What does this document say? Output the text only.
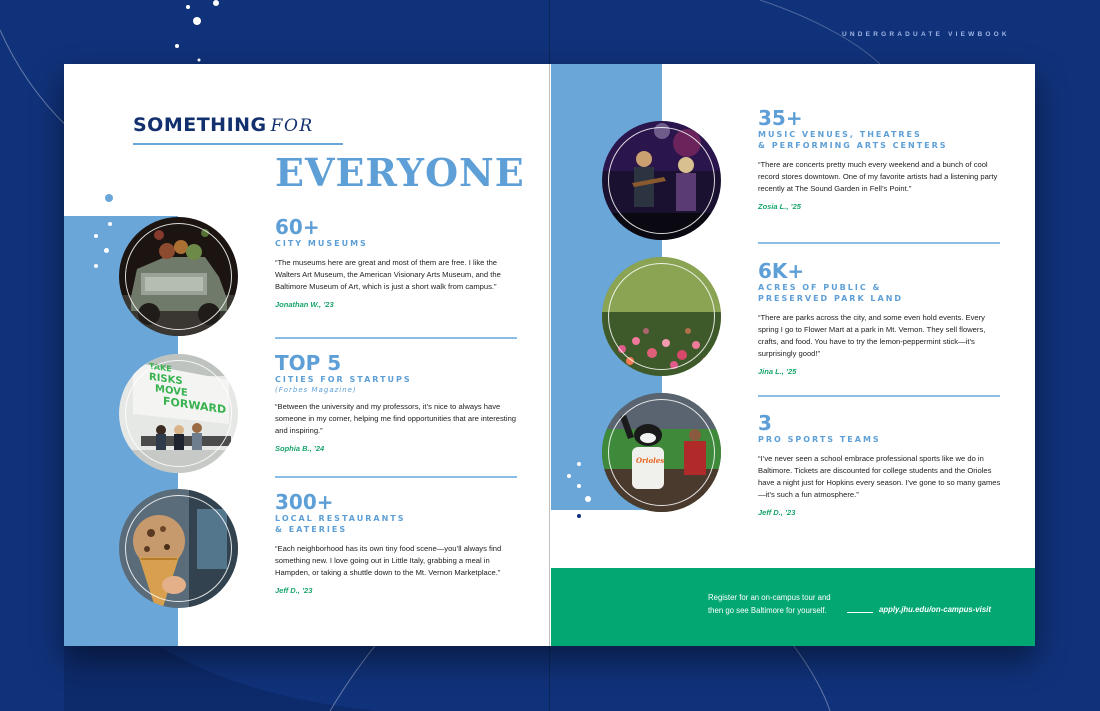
UNDERGRADUATE VIEWBOOK
SOMETHING FOR
EVERYONE
TAKE
RISKS
MOVE
FORWARD
60+
CITY MUSEUMS
“The museums here are great and most of them are free. I like the Walters Art Museum, the American Visionary Arts Museum, and the Baltimore Museum of Art, which is just a short walk from campus.”
Jonathan W., ’23
TOP 5
CITIES FOR STARTUPS
(Forbes Magazine)
“Between the university and my professors, it’s nice to always have someone in my corner, helping me find opportunities that are interesting and inspiring.”
Sophia B., ’24
300+
LOCAL RESTAURANTS
& EATERIES
“Each neighborhood has its own tiny food scene—you’ll always find something new. I love going out in Little Italy, grabbing a meal in Hampden, or taking a shuttle down to the Mt. Vernon Marketplace.”
Jeff D., ’23
Orioles
35+
MUSIC VENUES, THEATRES
& PERFORMING ARTS CENTERS
“There are concerts pretty much every weekend and a bunch of cool record stores downtown. One of my favorite artists had a listening party recently at The Sound Garden in Fell’s Point.”
Zosia L., ’25
6K+
ACRES OF PUBLIC &
PRESERVED PARK LAND
“There are parks across the city, and some even hold events. Every spring I go to Flower Mart at a park in Mt. Vernon. They sell flowers, crafts, and food. You have to try the lemon-peppermint stick—it’s surprisingly good!”
Jina L., ’25
3
PRO SPORTS TEAMS
“I’ve never seen a school embrace professional sports like we do in Baltimore. Tickets are discounted for college students and the Orioles have a night just for Hopkins every season. I’ve gone to so many games—it’s such a fun atmosphere.”
Jeff D., ’23
Register for an on-campus tour and
then go see Baltimore for yourself.	apply.jhu.edu/on-campus-visit
